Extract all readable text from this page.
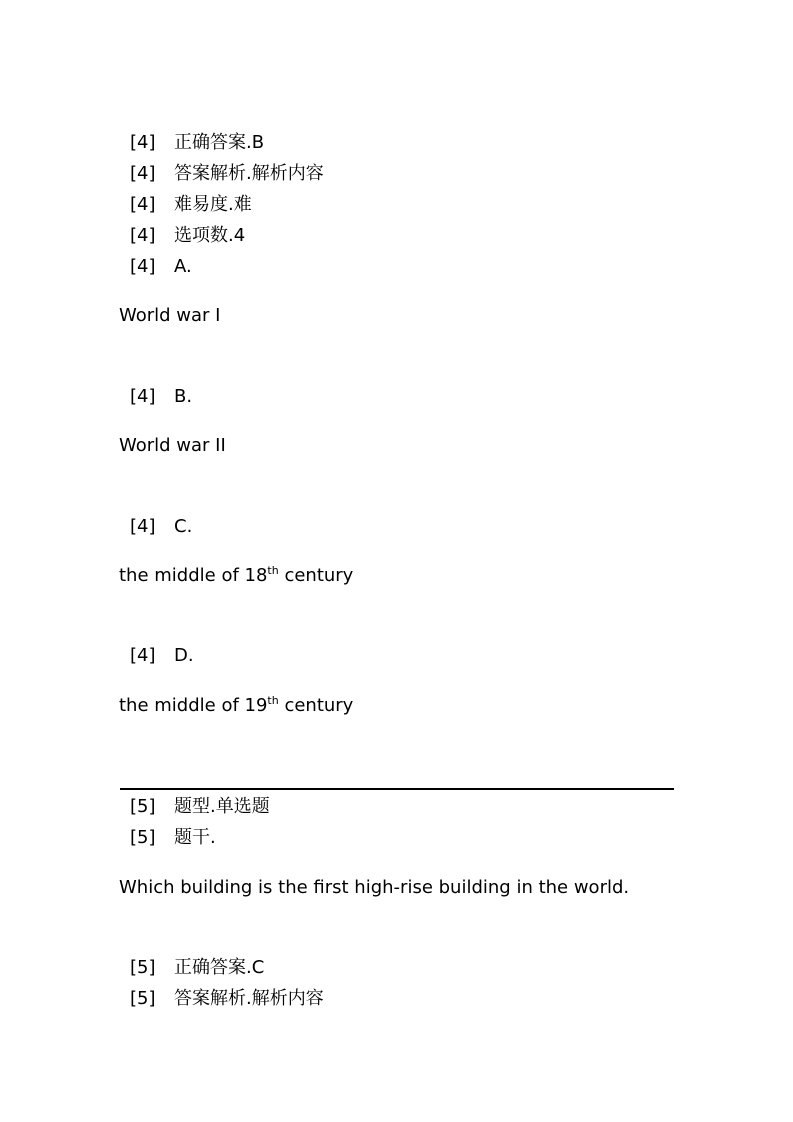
[4] 正确答案.B
[4] 答案解析.解析内容
[4] 难易度.难
[4] 选项数.4
[4] A.
World war I
[4] B.
World war II
[4] C.
the middle of 18th century
[4] D.
the middle of 19th century
[5] 题型.单选题
[5] 题干.
Which building is the first high-rise building in the world.
[5] 正确答案.C
[5] 答案解析.解析内容
